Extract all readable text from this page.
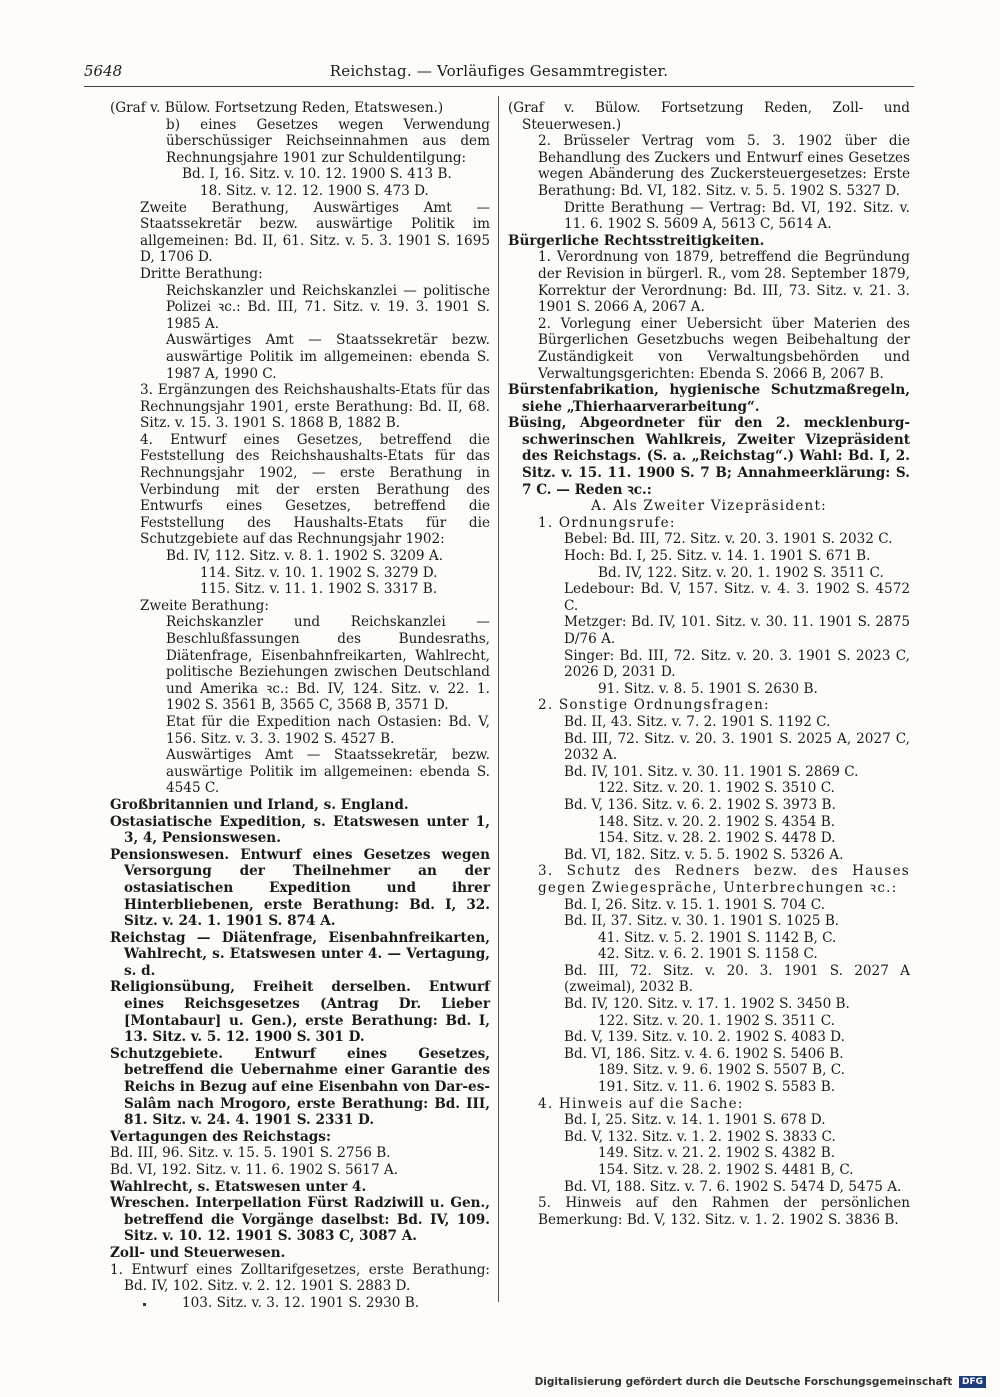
5648	Reichstag. — Vorläufiges Gesammtregister.

(Graf v. Bülow. Fortsetzung Reden, Etatswesen.)

b) eines Gesetzes wegen Verwendung überschüssiger Reichseinnahmen aus dem Rechnungsjahre 1901 zur Schuldentilgung:

Bd. I, 16. Sitz. v. 10. 12. 1900 S. 413 B.

18. Sitz. v. 12. 12. 1900 S. 473 D.

Zweite Berathung, Auswärtiges Amt — Staatssekretär bezw. auswärtige Politik im allgemeinen: Bd. II, 61. Sitz. v. 5. 3. 1901 S. 1695 D, 1706 D.

Dritte Berathung:

Reichskanzler und Reichskanzlei — politische Polizei ꝛc.: Bd. III, 71. Sitz. v. 19. 3. 1901 S. 1985 A.

Auswärtiges Amt — Staatssekretär bezw. auswärtige Politik im allgemeinen: ebenda S. 1987 A, 1990 C.

3. Ergänzungen des Reichshaushalts-Etats für das Rechnungsjahr 1901, erste Berathung: Bd. II, 68. Sitz. v. 15. 3. 1901 S. 1868 B, 1882 B.

4. Entwurf eines Gesetzes, betreffend die Feststellung des Reichshaushalts-Etats für das Rechnungsjahr 1902, — erste Berathung in Verbindung mit der ersten Berathung des Entwurfs eines Gesetzes, betreffend die Feststellung des Haushalts-Etats für die Schutzgebiete auf das Rechnungsjahr 1902:

Bd. IV, 112. Sitz. v. 8. 1. 1902 S. 3209 A.

114. Sitz. v. 10. 1. 1902 S. 3279 D.

115. Sitz. v. 11. 1. 1902 S. 3317 B.

Zweite Berathung:

Reichskanzler und Reichskanzlei — Beschlußfassungen des Bundesraths, Diätenfrage, Eisenbahnfreikarten, Wahlrecht, politische Beziehungen zwischen Deutschland und Amerika ꝛc.: Bd. IV, 124. Sitz. v. 22. 1. 1902 S. 3561 B, 3565 C, 3568 B, 3571 D.

Etat für die Expedition nach Ostasien: Bd. V, 156. Sitz. v. 3. 3. 1902 S. 4527 B.

Auswärtiges Amt — Staatssekretär, bezw. auswärtige Politik im allgemeinen: ebenda S. 4545 C.

Großbritannien und Irland, s. England.

Ostasiatische Expedition, s. Etatswesen unter 1, 3, 4, Pensionswesen.

Pensionswesen. Entwurf eines Gesetzes wegen Versorgung der Theilnehmer an der ostasiatischen Expedition und ihrer Hinterbliebenen, erste Berathung: Bd. I, 32. Sitz. v. 24. 1. 1901 S. 874 A.

Reichstag — Diätenfrage, Eisenbahnfreikarten, Wahlrecht, s. Etatswesen unter 4. — Vertagung, s. d.

Religionsübung, Freiheit derselben. Entwurf eines Reichsgesetzes (Antrag Dr. Lieber [Montabaur] u. Gen.), erste Berathung: Bd. I, 13. Sitz. v. 5. 12. 1900 S. 301 D.

Schutzgebiete. Entwurf eines Gesetzes, betreffend die Uebernahme einer Garantie des Reichs in Bezug auf eine Eisenbahn von Dar-es-Salâm nach Mrogoro, erste Berathung: Bd. III, 81. Sitz. v. 24. 4. 1901 S. 2331 D.

Vertagungen des Reichstags:

Bd. III, 96. Sitz. v. 15. 5. 1901 S. 2756 B.

Bd. VI, 192. Sitz. v. 11. 6. 1902 S. 5617 A.

Wahlrecht, s. Etatswesen unter 4.

Wreschen. Interpellation Fürst Radziwill u. Gen., betreffend die Vorgänge daselbst: Bd. IV, 109. Sitz. v. 10. 12. 1901 S. 3083 C, 3087 A.

Zoll- und Steuerwesen.

1. Entwurf eines Zolltarifgesetzes, erste Berathung: Bd. IV, 102. Sitz. v. 2. 12. 1901 S. 2883 D.

103. Sitz. v. 3. 12. 1901 S. 2930 B.

(Graf v. Bülow. Fortsetzung Reden, Zoll- und Steuerwesen.)

2. Brüsseler Vertrag vom 5. 3. 1902 über die Behandlung des Zuckers und Entwurf eines Gesetzes wegen Abänderung des Zuckersteuergesetzes: Erste Berathung: Bd. VI, 182. Sitz. v. 5. 5. 1902 S. 5327 D.

Dritte Berathung — Vertrag: Bd. VI, 192. Sitz. v. 11. 6. 1902 S. 5609 A, 5613 C, 5614 A.

Bürgerliche Rechtsstreitigkeiten.

1. Verordnung von 1879, betreffend die Begründung der Revision in bürgerl. R., vom 28. September 1879, Korrektur der Verordnung: Bd. III, 73. Sitz. v. 21. 3. 1901 S. 2066 A, 2067 A.

2. Vorlegung einer Uebersicht über Materien des Bürgerlichen Gesetzbuchs wegen Beibehaltung der Zuständigkeit von Verwaltungsbehörden und Verwaltungsgerichten: Ebenda S. 2066 B, 2067 B.

Bürstenfabrikation, hygienische Schutzmaßregeln, siehe „Thierhaarverarbeitung“.

Büsing, Abgeordneter für den 2. mecklenburg-schwerinschen Wahlkreis, Zweiter Vizepräsident des Reichstags. (S. a. „Reichstag“.) Wahl: Bd. I, 2. Sitz. v. 15. 11. 1900 S. 7 B; Annahmeerklärung: S. 7 C. — Reden ꝛc.:

A. Als Zweiter Vizepräsident:

1. Ordnungsrufe:

Bebel: Bd. III, 72. Sitz. v. 20. 3. 1901 S. 2032 C.

Hoch: Bd. I, 25. Sitz. v. 14. 1. 1901 S. 671 B.

Bd. IV, 122. Sitz. v. 20. 1. 1902 S. 3511 C.

Ledebour: Bd. V, 157. Sitz. v. 4. 3. 1902 S. 4572 C.

Metzger: Bd. IV, 101. Sitz. v. 30. 11. 1901 S. 2875 D/76 A.

Singer: Bd. III, 72. Sitz. v. 20. 3. 1901 S. 2023 C, 2026 D, 2031 D.

91. Sitz. v. 8. 5. 1901 S. 2630 B.

2. Sonstige Ordnungsfragen:

Bd. II, 43. Sitz. v. 7. 2. 1901 S. 1192 C.

Bd. III, 72. Sitz. v. 20. 3. 1901 S. 2025 A, 2027 C, 2032 A.

Bd. IV, 101. Sitz. v. 30. 11. 1901 S. 2869 C.

122. Sitz. v. 20. 1. 1902 S. 3510 C.

Bd. V, 136. Sitz. v. 6. 2. 1902 S. 3973 B.

148. Sitz. v. 20. 2. 1902 S. 4354 B.

154. Sitz. v. 28. 2. 1902 S. 4478 D.

Bd. VI, 182. Sitz. v. 5. 5. 1902 S. 5326 A.

3. Schutz des Redners bezw. des Hauses gegen Zwiegespräche, Unterbrechungen ꝛc.:

Bd. I, 26. Sitz. v. 15. 1. 1901 S. 704 C.

Bd. II, 37. Sitz. v. 30. 1. 1901 S. 1025 B.

41. Sitz. v. 5. 2. 1901 S. 1142 B, C.

42. Sitz. v. 6. 2. 1901 S. 1158 C.

Bd. III, 72. Sitz. v. 20. 3. 1901 S. 2027 A (zweimal), 2032 B.

Bd. IV, 120. Sitz. v. 17. 1. 1902 S. 3450 B.

122. Sitz. v. 20. 1. 1902 S. 3511 C.

Bd. V, 139. Sitz. v. 10. 2. 1902 S. 4083 D.

Bd. VI, 186. Sitz. v. 4. 6. 1902 S. 5406 B.

189. Sitz. v. 9. 6. 1902 S. 5507 B, C.

191. Sitz. v. 11. 6. 1902 S. 5583 B.

4. Hinweis auf die Sache:

Bd. I, 25. Sitz. v. 14. 1. 1901 S. 678 D.

Bd. V, 132. Sitz. v. 1. 2. 1902 S. 3833 C.

149. Sitz. v. 21. 2. 1902 S. 4382 B.

154. Sitz. v. 28. 2. 1902 S. 4481 B, C.

Bd. VI, 188. Sitz. v. 7. 6. 1902 S. 5474 D, 5475 A.

5. Hinweis auf den Rahmen der persönlichen Bemerkung: Bd. V, 132. Sitz. v. 1. 2. 1902 S. 3836 B.

Digitalisierung gefördert durch die Deutsche Forschungsgemeinschaft DFG
